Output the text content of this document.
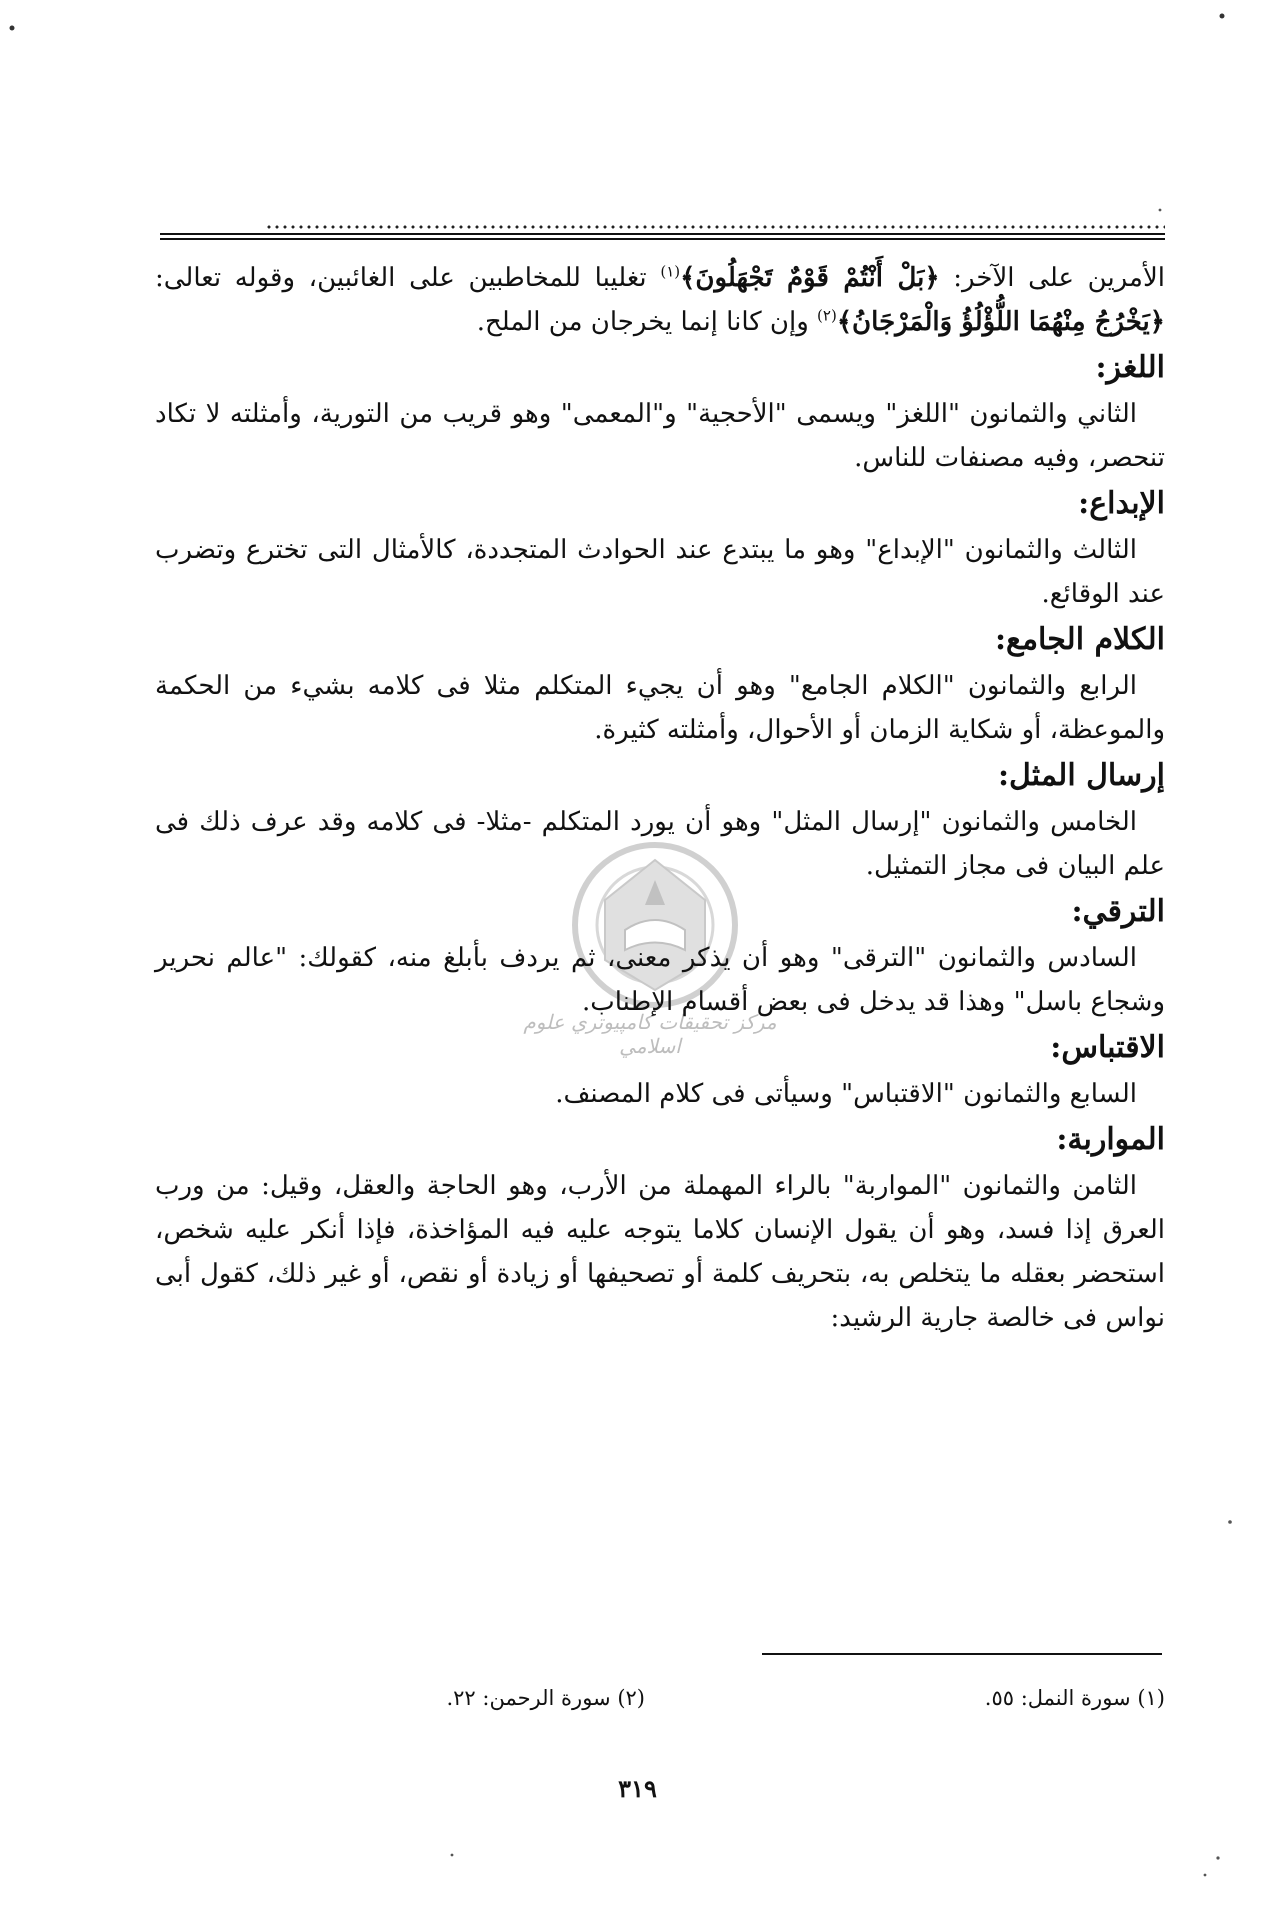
مركز تحقيقات كامپيوتري علوم اسلامي

الأمرين على الآخر: ﴿بَلْ أَنْتُمْ قَوْمٌ تَجْهَلُونَ﴾$^{(١)}$ تغليبا للمخاطبين على الغائبين، وقوله تعالى: ﴿يَخْرُجُ مِنْهُمَا اللُّؤْلُؤُ وَالْمَرْجَانُ﴾$^{(٢)}$ وإن كانا إنما يخرجان من الملح.

اللغز:

الثاني والثمانون "اللغز" ويسمى "الأحجية" و"المعمى" وهو قريب من التورية، وأمثلته لا تكاد تنحصر، وفيه مصنفات للناس.

الإبداع:

الثالث والثمانون "الإبداع" وهو ما يبتدع عند الحوادث المتجددة، كالأمثال التى تخترع وتضرب عند الوقائع.

الكلام الجامع:

الرابع والثمانون "الكلام الجامع" وهو أن يجيء المتكلم مثلا فى كلامه بشيء من الحكمة والموعظة، أو شكاية الزمان أو الأحوال، وأمثلته كثيرة.

إرسال المثل:

الخامس والثمانون "إرسال المثل" وهو أن يورد المتكلم -مثلا- فى كلامه وقد عرف ذلك فى علم البيان فى مجاز التمثيل.

الترقي:

السادس والثمانون "الترقى" وهو أن يذكر معنى، ثم يردف بأبلغ منه، كقولك: "عالم نحرير وشجاع باسل" وهذا قد يدخل فى بعض أقسام الإطناب.

الاقتباس:

السابع والثمانون "الاقتباس" وسيأتى فى كلام المصنف.

المواربة:

الثامن والثمانون "المواربة" بالراء المهملة من الأرب، وهو الحاجة والعقل، وقيل: من ورب العرق إذا فسد، وهو أن يقول الإنسان كلاما يتوجه عليه فيه المؤاخذة، فإذا أنكر عليه شخص، استحضر بعقله ما يتخلص به، بتحريف كلمة أو تصحيفها أو زيادة أو نقص، أو غير ذلك، كقول أبى نواس فى خالصة جارية الرشيد:

(١) سورة النمل: ٥٥.
(٢) سورة الرحمن: ٢٢.
٣١٩
